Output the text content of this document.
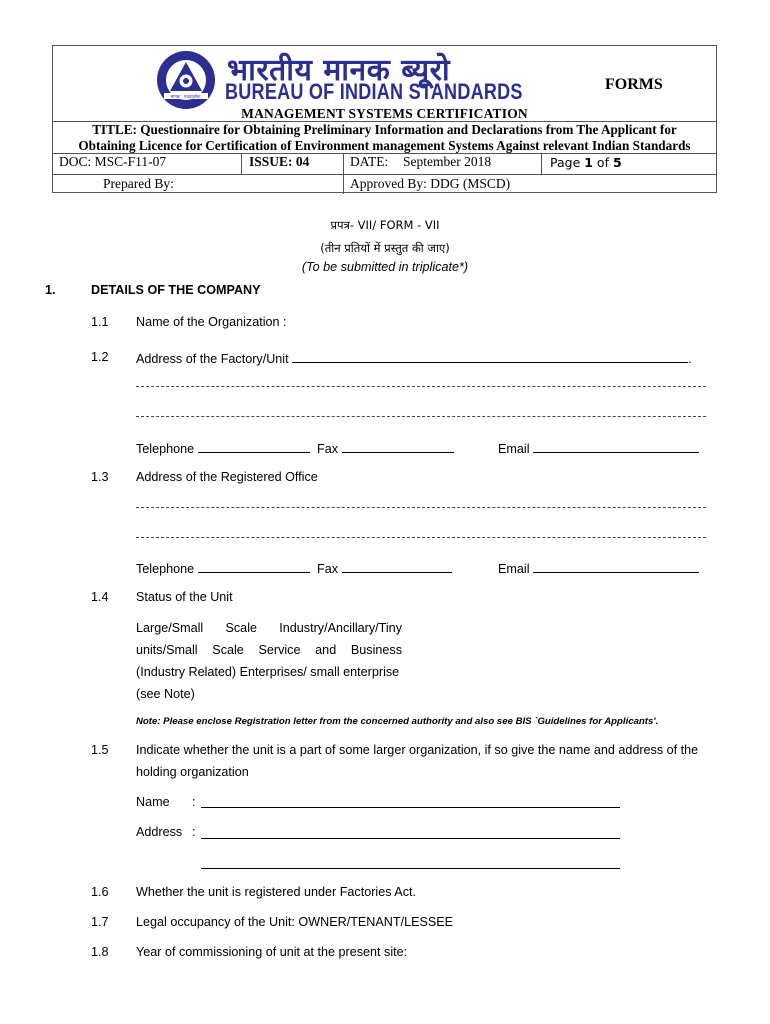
मानक : पथप्रदर्शक:
भारतीय मानक ब्यूरो
BUREAU OF INDIAN STANDARDS	FORMS
MANAGEMENT SYSTEMS CERTIFICATION
TITLE: Questionnaire for Obtaining Preliminary Information and Declarations from The Applicant for
Obtaining Licence for Certification of Environment management Systems Against relevant Indian Standards
DOC: MSC-F11-07	ISSUE: 04	DATE: September 2018	Page 1 of 5
Prepared By:	Approved By: DDG (MSCD)
प्रपत्र- VII/ FORM - VII
(तीन प्रतियों में प्रस्तुत की जाए)
(To be submitted in triplicate*)
1.	DETAILS OF THE COMPANY
1.1 Name of the Organization :
1.2 Address of the Factory/Unit	.
Telephone	Fax	Email
1.3 Address of the Registered Office
Telephone	Fax	Email
1.4 Status of the Unit
Large/Small Scale Industry/Ancillary/Tiny
units/Small Scale Service and Business
(Industry Related) Enterprises/ small enterprise
(see Note)
Note: Please enclose Registration letter from the concerned authority and also see BIS `Guidelines for Applicants'.
1.5 Indicate whether the unit is a part of some larger organization, if so give the name and address of the
holding organization
Name :
Address :
1.6 Whether the unit is registered under Factories Act.
1.7 Legal occupancy of the Unit: OWNER/TENANT/LESSEE
1.8 Year of commissioning of unit at the present site:
